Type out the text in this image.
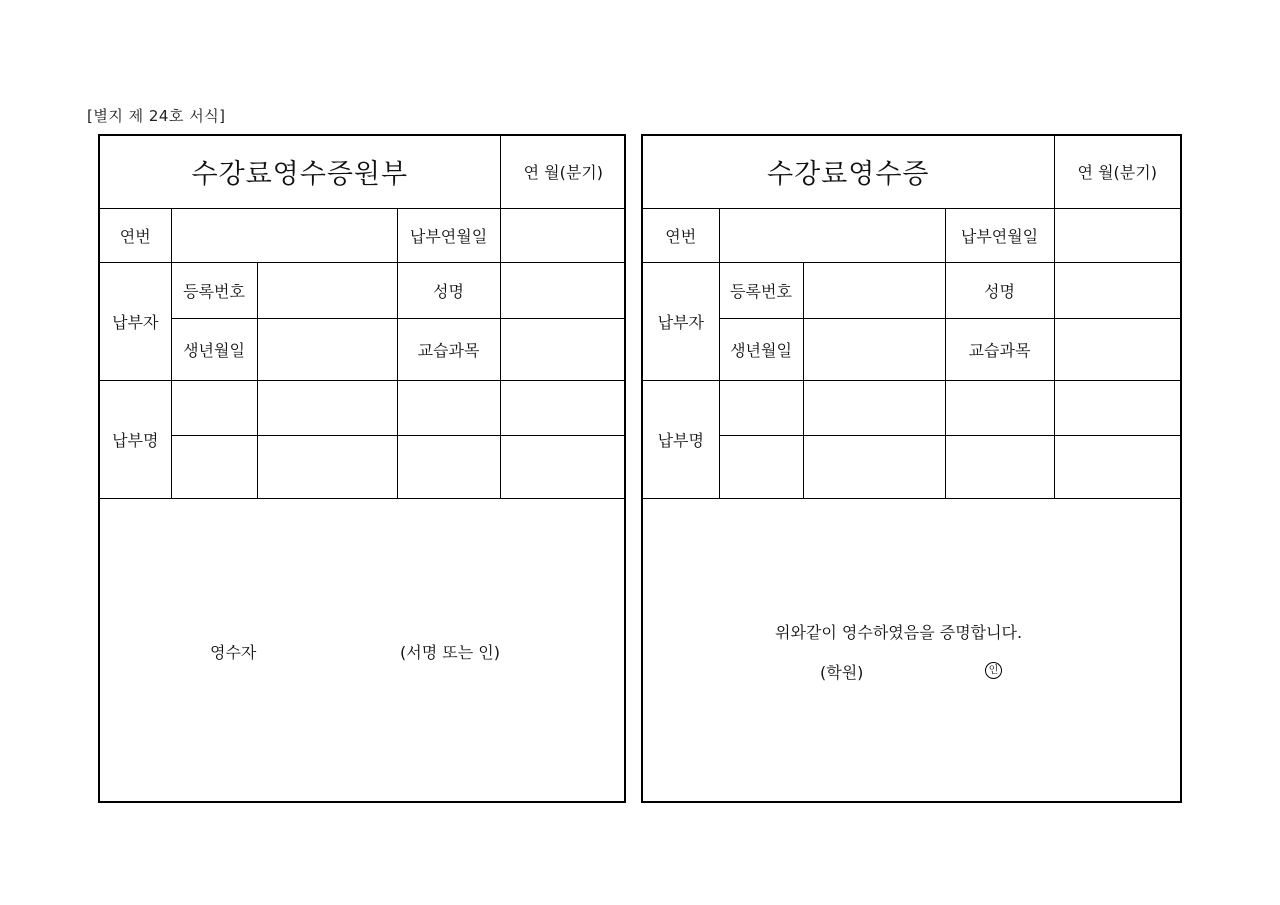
[별지 제 24호 서식]
수강료영수증원부				연 월(분기)
연번			납부연월일	
납부자	등록번호		성명	
	생년월일		교습과목	
납부명				

영수자	(서명 또는 인)
수강료영수증				연 월(분기)
연번			납부연월일	
납부자	등록번호		성명	
	생년월일		교습과목	
납부명				

위와같이 영수하였음을 증명합니다.
(학원)	인
